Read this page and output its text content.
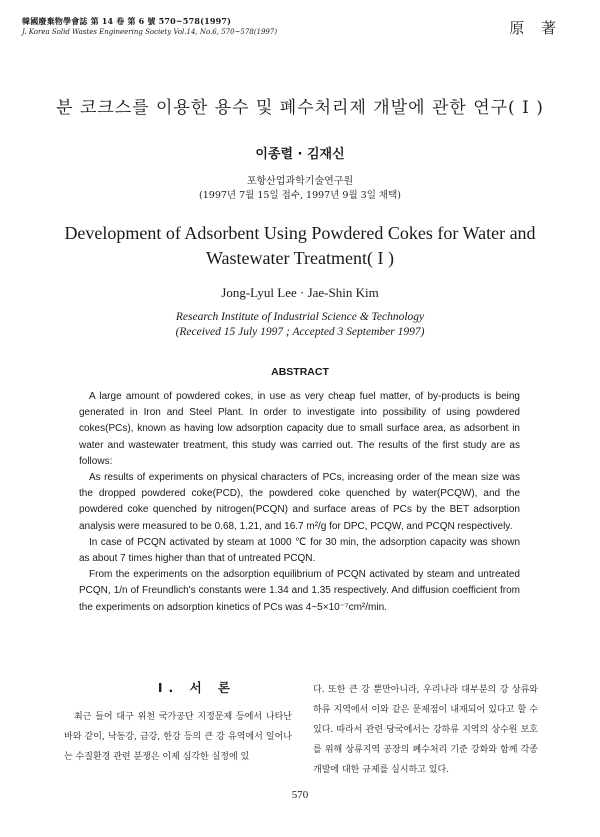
韓國廢棄物學會誌 第 14 卷 第 6 號 570~578(1997)
J. Korea Solid Wastes Engineering Society Vol.14, No.6, 570~578(1997)	原 著
분 코크스를 이용한 용수 및 폐수처리제 개발에 관한 연구( I )
이종렬 · 김재신
포항산업과학기술연구원
(1997년 7월 15일 접수, 1997년 9월 3일 채택)
Development of Adsorbent Using Powdered Cokes for Water and
Wastewater Treatment( I )
Jong-Lyul Lee · Jae-Shin Kim
Research Institute of Industrial Science & Technology
(Received 15 July 1997 ; Accepted 3 September 1997)
ABSTRACT

A large amount of powdered cokes, in use as very cheap fuel matter, of by-products is being generated in Iron and Steel Plant. In order to investigate into possibility of using powdered cokes(PCs), known as having low adsorption capacity due to small surface area, as adsorbent in water and wastewater treatment, this study was carried out. The results of the first study are as follows:

As results of experiments on physical characters of PCs, increasing order of the mean size was the dropped powdered coke(PCD), the powdered coke quenched by water(PCQW), and the powdered coke quenched by nitrogen(PCQN) and surface areas of PCs by the BET adsorption analysis were measured to be 0.68, 1.21, and 16.7 m²/g for DPC, PCQW, and PCQN respectively.

In case of PCQN activated by steam at 1000 ℃ for 30 min, the adsorption capacity was shown as about 7 times higher than that of untreated PCQN.

From the experiments on the adsorption equilibrium of PCQN activated by steam and untreated PCQN, 1/n of Freundlich's constants were 1.34 and 1.35 respectively. And diffusion coefficient from the experiments on adsorption kinetics of PCs was 4~5×10⁻⁷cm²/min.

I. 서 론
최근 들어 대구 위천 국가공단 지정문제 등에서 나타난 바와 같이, 낙동강, 금강, 한강 등의 큰 강 유역에서 일어나는 수질환경 관련 분쟁은 이제 심각한 실정에 있
다. 또한 큰 강 뿐만아니라, 우리나라 대부분의 강 상류와 하류 지역에서 이와 같은 문제점이 내재되어 있다고 할 수 있다. 따라서 관련 당국에서는 강하류 지역의 상수원 보호를 위해 상류지역 공장의 폐수처리 기준 강화와 함께 각종 개발에 대한 규제를 실시하고 있다.
570
